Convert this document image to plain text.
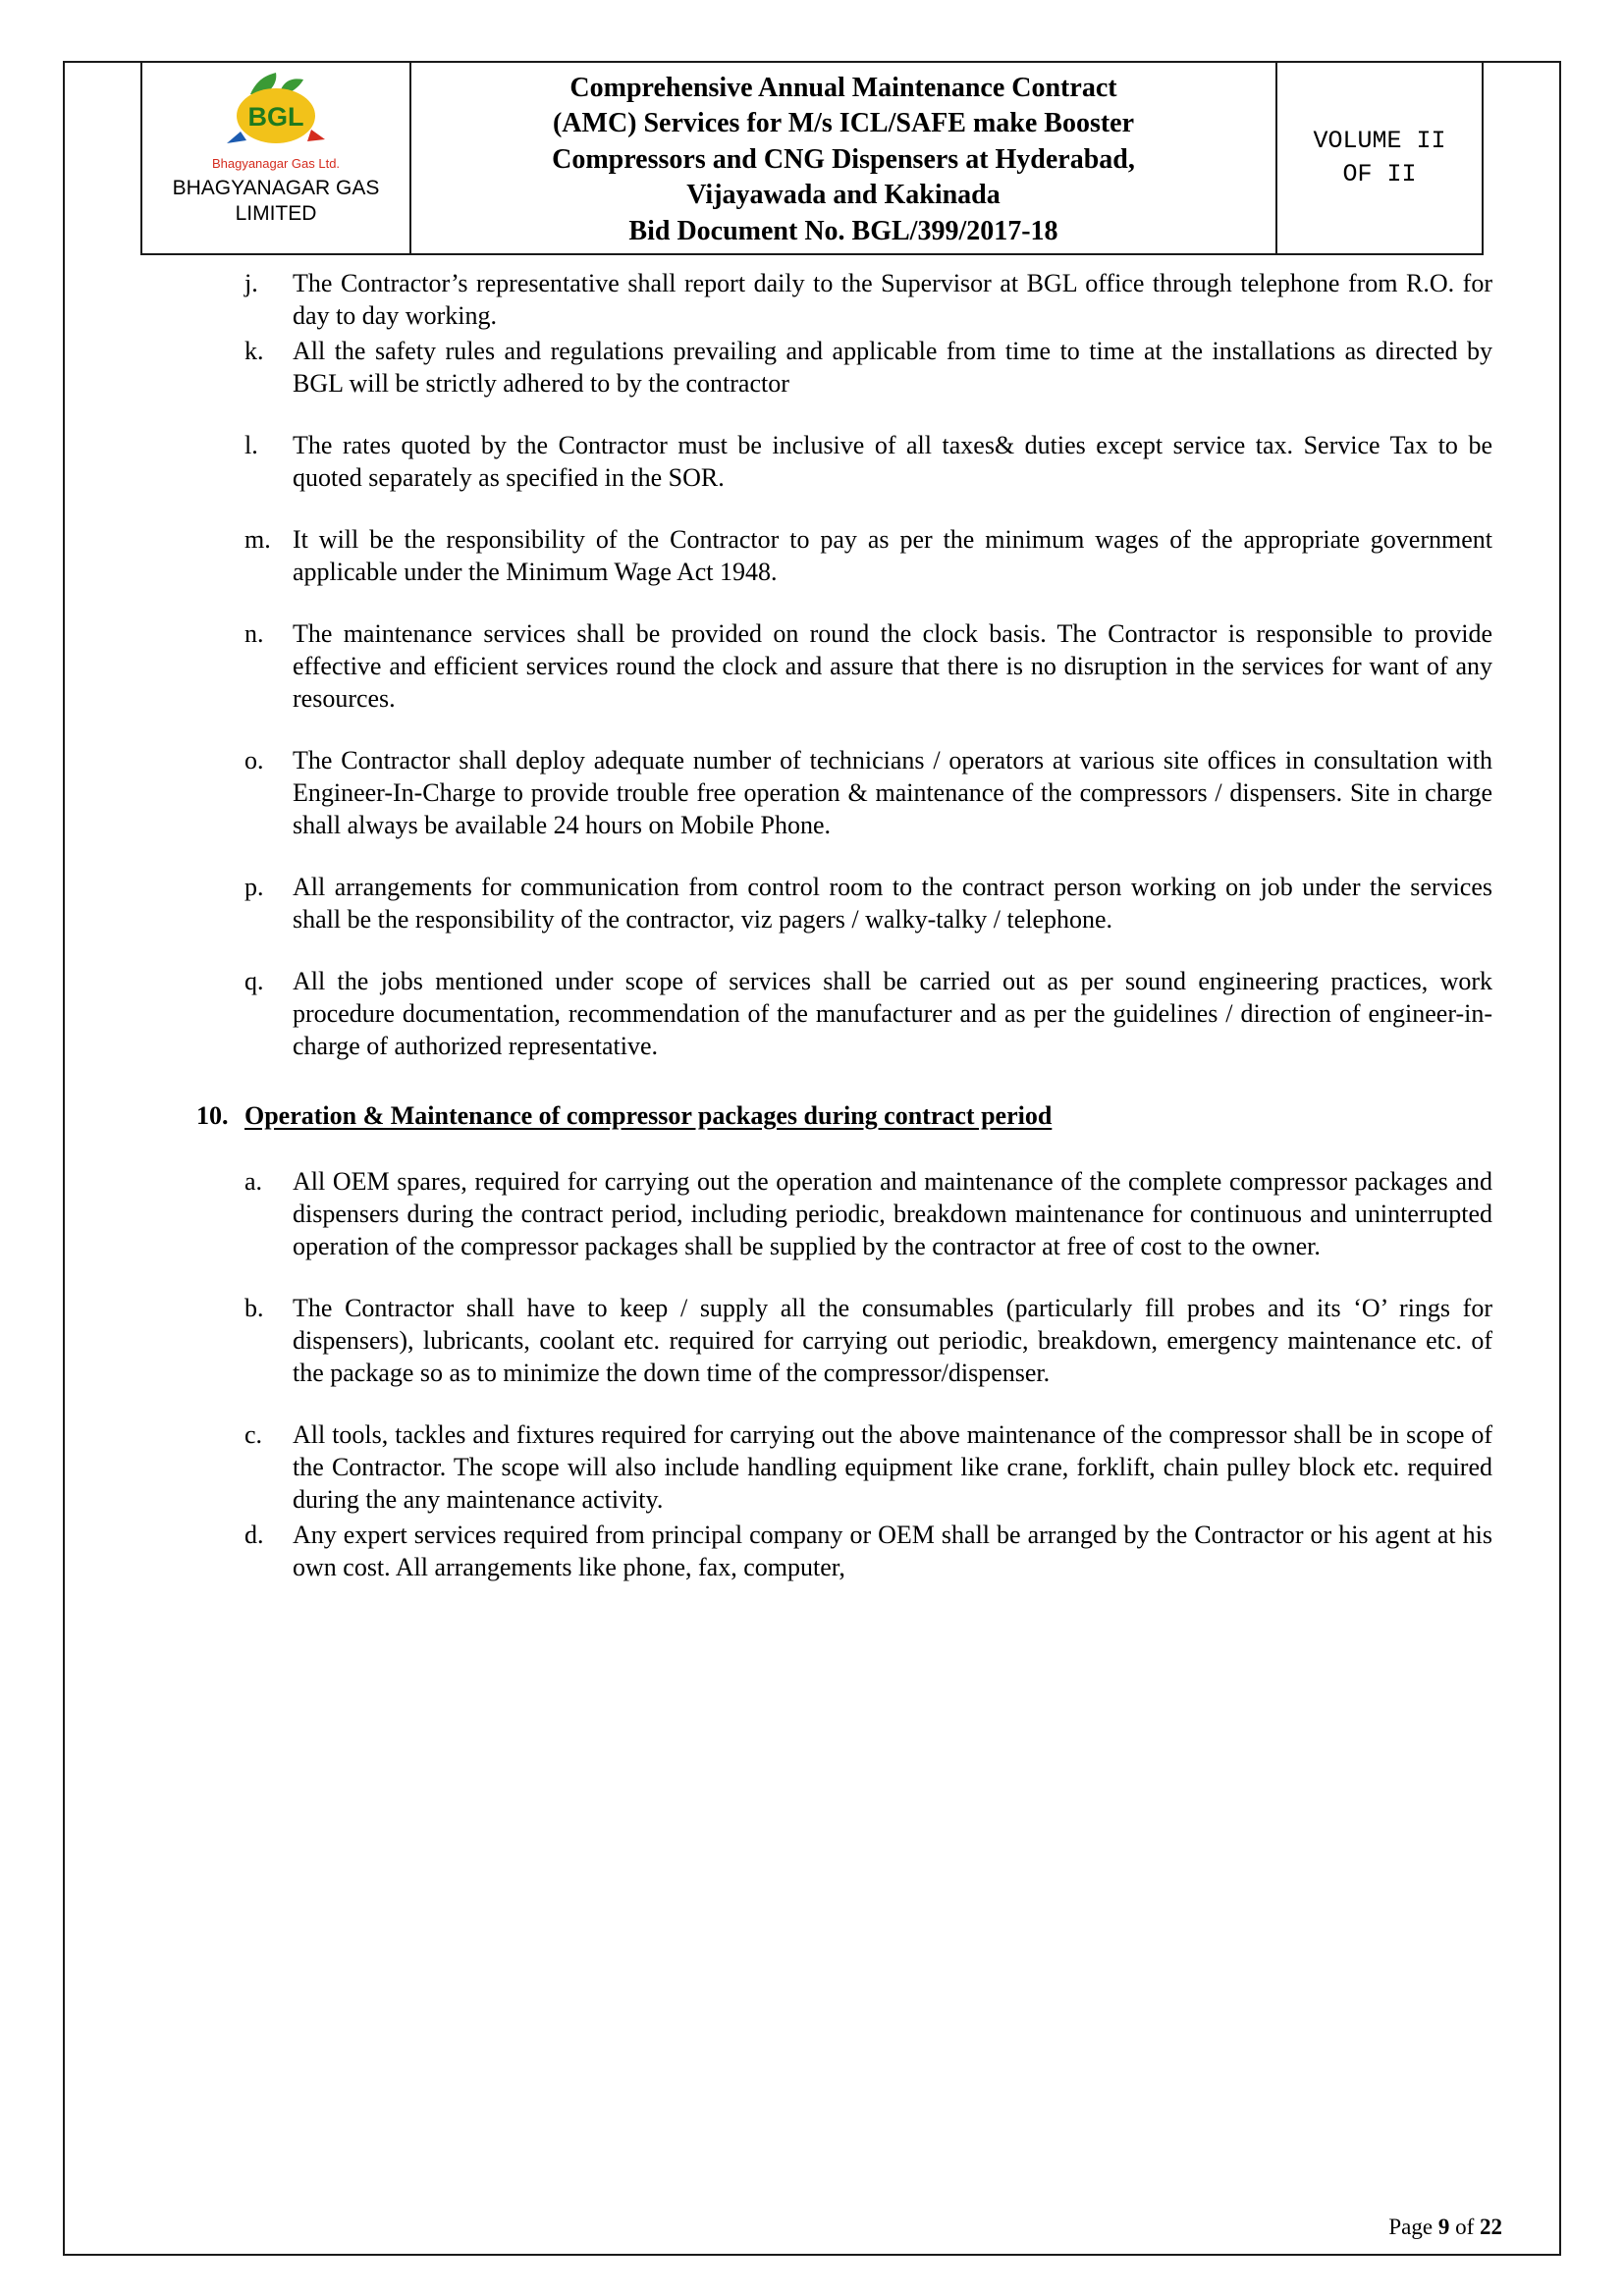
BGL
Bhagyanagar Gas Ltd.
BHAGYANAGAR GAS
LIMITED
Comprehensive Annual Maintenance Contract
(AMC) Services for M/s ICL/SAFE make Booster
Compressors and CNG Dispensers at Hyderabad,
Vijayawada and Kakinada
Bid Document No. BGL/399/2017-18
VOLUME II
OF II
j.	The Contractor’s representative shall report daily to the Supervisor at BGL office through telephone from R.O. for day to day working.
k.	All the safety rules and regulations prevailing and applicable from time to time at the installations as directed by BGL will be strictly adhered to by the contractor
l.	The rates quoted by the Contractor must be inclusive of all taxes& duties except service tax. Service Tax to be quoted separately as specified in the SOR.
m. It will be the responsibility of the Contractor to pay as per the minimum wages of the appropriate government applicable under the Minimum Wage Act 1948.
n.	The maintenance services shall be provided on round the clock basis. The Contractor is responsible to provide effective and efficient services round the clock and assure that there is no disruption in the services for want of any resources.
o.	The Contractor shall deploy adequate number of technicians / operators at various site offices in consultation with Engineer-In-Charge to provide trouble free operation & maintenance of the compressors / dispensers. Site in charge shall always be available 24 hours on Mobile Phone.
p.	All arrangements for communication from control room to the contract person working on job under the services shall be the responsibility of the contractor, viz pagers / walky-talky / telephone.
q.	All the jobs mentioned under scope of services shall be carried out as per sound engineering practices, work procedure documentation, recommendation of the manufacturer and as per the guidelines / direction of engineer-in-charge of authorized representative.
10. Operation & Maintenance of compressor packages during contract period
a.	All OEM spares, required for carrying out the operation and maintenance of the complete compressor packages and dispensers during the contract period, including periodic, breakdown maintenance for continuous and uninterrupted operation of the compressor packages shall be supplied by the contractor at free of cost to the owner.
b.	The Contractor shall have to keep / supply all the consumables (particularly fill probes and its ‘O’ rings for dispensers), lubricants, coolant etc. required for carrying out periodic, breakdown, emergency maintenance etc. of the package so as to minimize the down time of the compressor/dispenser.
c.	All tools, tackles and fixtures required for carrying out the above maintenance of the compressor shall be in scope of the Contractor. The scope will also include handling equipment like crane, forklift, chain pulley block etc. required during the any maintenance activity.
d.	Any expert services required from principal company or OEM shall be arranged by the Contractor or his agent at his own cost. All arrangements like phone, fax, computer,
Page 9 of 22
